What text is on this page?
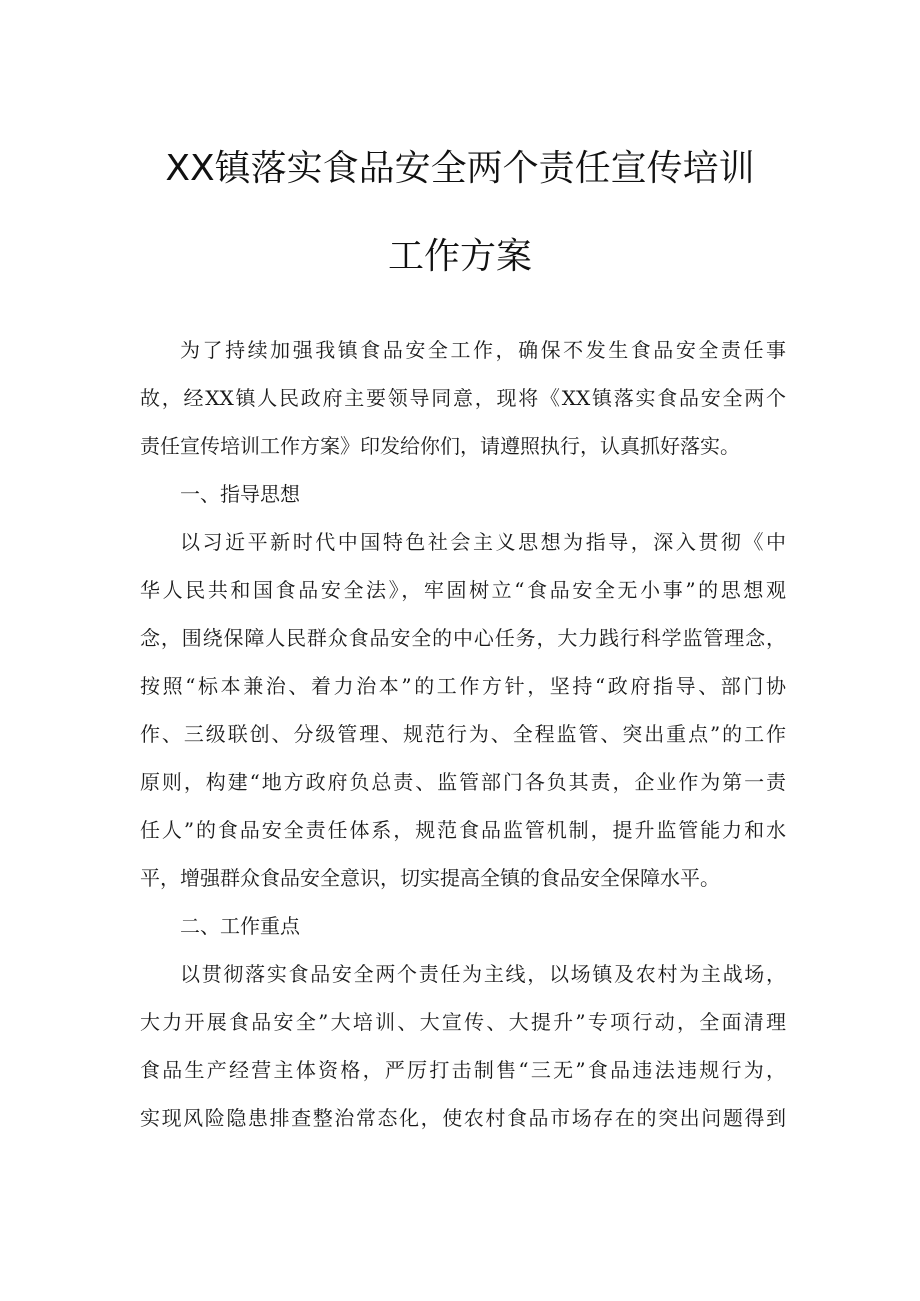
XX镇落实食品安全两个责任宣传培训
工作方案
为了持续加强我镇食品安全工作，确保不发生食品安全责任事
故，经XX镇人民政府主要领导同意，现将《XX镇落实食品安全两个
责任宣传培训工作方案》印发给你们，请遵照执行，认真抓好落实。
一、指导思想
以习近平新时代中国特色社会主义思想为指导，深入贯彻《中
华人民共和国食品安全法》，牢固树立“食品安全无小事”的思想观
念，围绕保障人民群众食品安全的中心任务，大力践行科学监管理念，
按照“标本兼治、着力治本”的工作方针，坚持“政府指导、部门协
作、三级联创、分级管理、规范行为、全程监管、突出重点”的工作
原则，构建“地方政府负总责、监管部门各负其责，企业作为第一责
任人”的食品安全责任体系，规范食品监管机制，提升监管能力和水
平，增强群众食品安全意识，切实提高全镇的食品安全保障水平。
二、工作重点
以贯彻落实食品安全两个责任为主线，以场镇及农村为主战场，
大力开展食品安全”大培训、大宣传、大提升”专项行动，全面清理
食品生产经营主体资格，严厉打击制售“三无”食品违法违规行为，
实现风险隐患排查整治常态化，使农村食品市场存在的突出问题得到
